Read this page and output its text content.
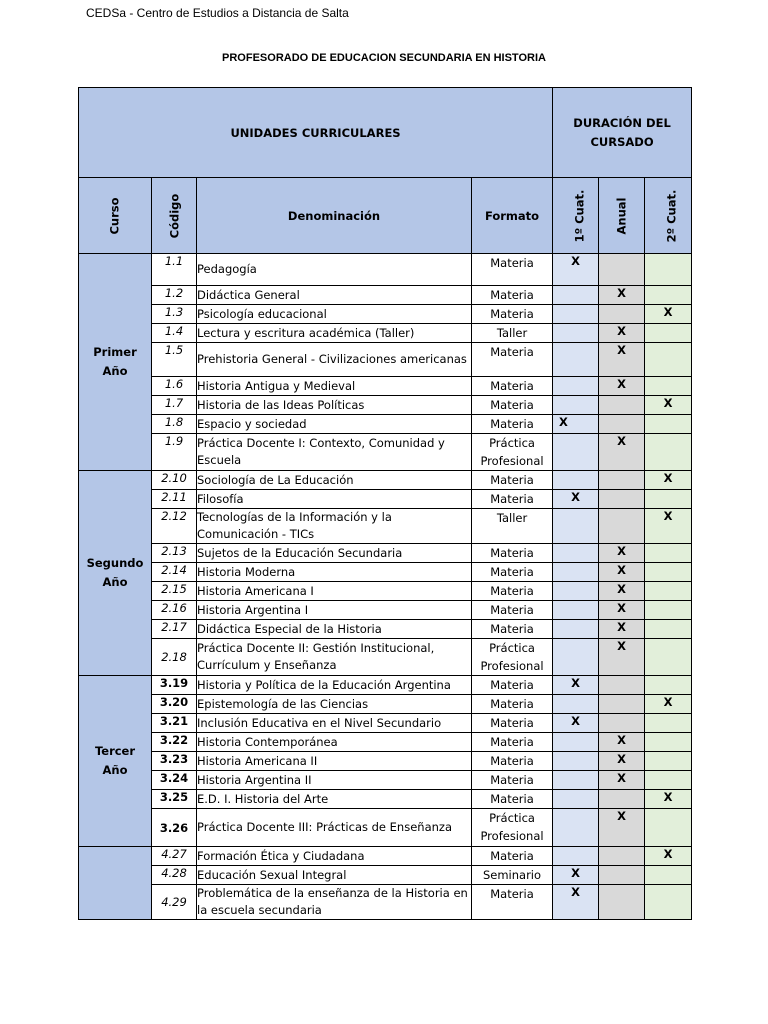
CEDSa - Centro de Estudios a Distancia de Salta
PROFESORADO DE EDUCACION SECUNDARIA EN HISTORIA
UNIDADES CURRICULARES				DURACIÓN DEL
CURSADO		
Curso	Código	Denominación	Formato	1º Cuat.	Anual	2º Cuat.
Primer
Año	1.1	Pedagogía	Materia	X		
	1.2	Didáctica General	Materia		X	
	1.3	Psicología educacional	Materia			X
	1.4	Lectura y escritura académica (Taller)	Taller		X	
	1.5	Prehistoria General - Civilizaciones americanas	Materia		X	
	1.6	Historia Antigua y Medieval	Materia		X	
	1.7	Historia de las Ideas Políticas	Materia			X
	1.8	Espacio y sociedad	Materia	X		
	1.9	Práctica Docente I: Contexto, Comunidad y Escuela	Práctica Profesional		X	
Segundo
Año	2.10	Sociología de La Educación	Materia			X
	2.11	Filosofía	Materia	X		
	2.12	Tecnologías de la Información y la Comunicación - TICs	Taller			X
	2.13	Sujetos de la Educación Secundaria	Materia		X	
	2.14	Historia Moderna	Materia		X	
	2.15	Historia Americana I	Materia		X	
	2.16	Historia Argentina I	Materia		X	
	2.17	Didáctica Especial de la Historia	Materia		X	
	2.18	Práctica Docente II: Gestión Institucional, Currículum y Enseñanza	Práctica Profesional		X	
Tercer
Año	3.19	Historia y Política de la Educación Argentina	Materia	X		
	3.20	Epistemología de las Ciencias	Materia			X
	3.21	Inclusión Educativa en el Nivel Secundario	Materia	X		
	3.22	Historia Contemporánea	Materia		X	
	3.23	Historia Americana II	Materia		X	
	3.24	Historia Argentina II	Materia		X	
	3.25	E.D. I. Historia del Arte	Materia			X
	3.26	Práctica Docente III: Prácticas de Enseñanza	Práctica Profesional		X	

	4.27	Formación Ética y Ciudadana	Materia			X
	4.28	Educación Sexual Integral	Seminario	X		
	4.29	Problemática de la enseñanza de la Historia en la escuela secundaria	Materia	X		
